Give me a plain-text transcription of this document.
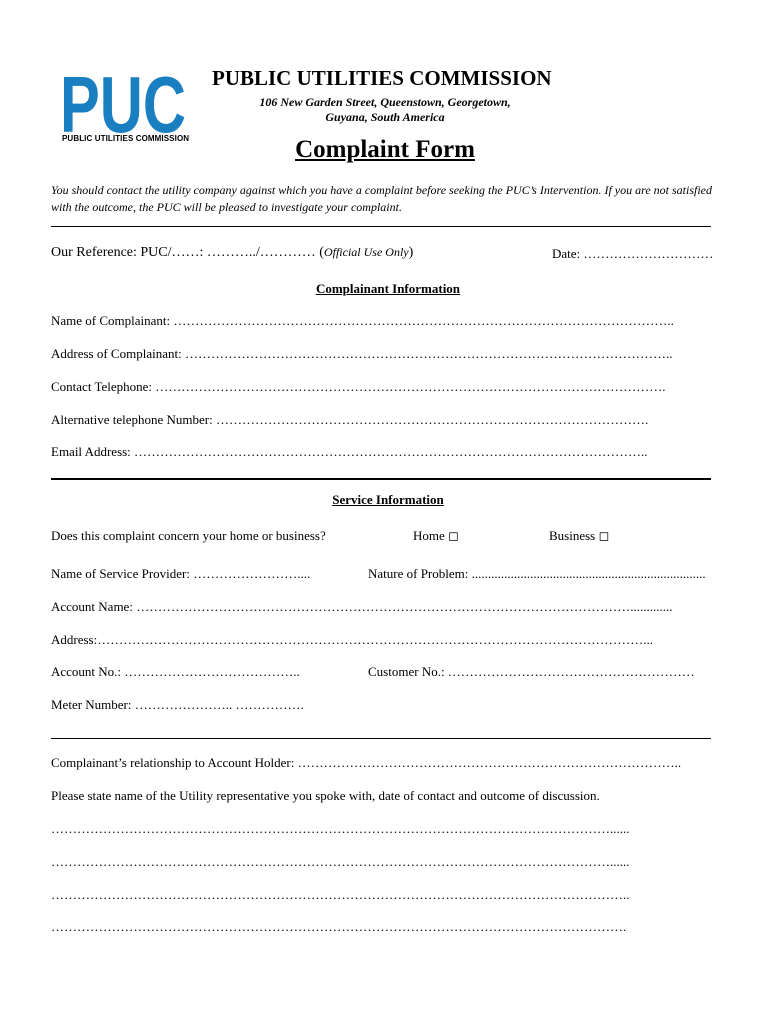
PUC
PUBLIC UTILITIES COMMISSION
PUBLIC UTILITIES COMMISSION
106 New Garden Street, Queenstown, Georgetown,
Guyana, South America
Complaint Form
You should contact the utility company against which you have a complaint before seeking the PUC’s Intervention. If you are not satisfied with the outcome, the PUC will be pleased to investigate your complaint.
Our Reference: PUC/……: ………../………… (Official Use Only)	Date: …………………………
Complainant Information
Name of Complainant: ……………………………………………………………………………………………………..
Address of Complainant: …………………………………………………………………………………………………..
Contact Telephone: ……………………………………………………………………………………………………….
Alternative telephone Number: ……………………………………………………………………………………….
Email Address: ………………………………………………………………………………………………………..
Service Information
Does this complaint concern your home or business?	Home ◻	Business ◻
Name of Service Provider: ……………………....	Nature of Problem: ........................................................................
Account Name: …………………………………………………………………………………………………….............
Address:………………………………………………………………………………………………………………...
Account No.: …………………………………..	Customer No.: …………………………………………………
Meter Number: ………………….. …………….
Complainant’s relationship to Account Holder: ……………………………………………………………………………..
Please state name of the Utility representative you spoke with, date of contact and outcome of discussion.
…………………………………………………………………………………………………………………......
…………………………………………………………………………………………………………………......
……………………………………………………………………………………………………………………..
…………………………………………………………………………………………………………………….
